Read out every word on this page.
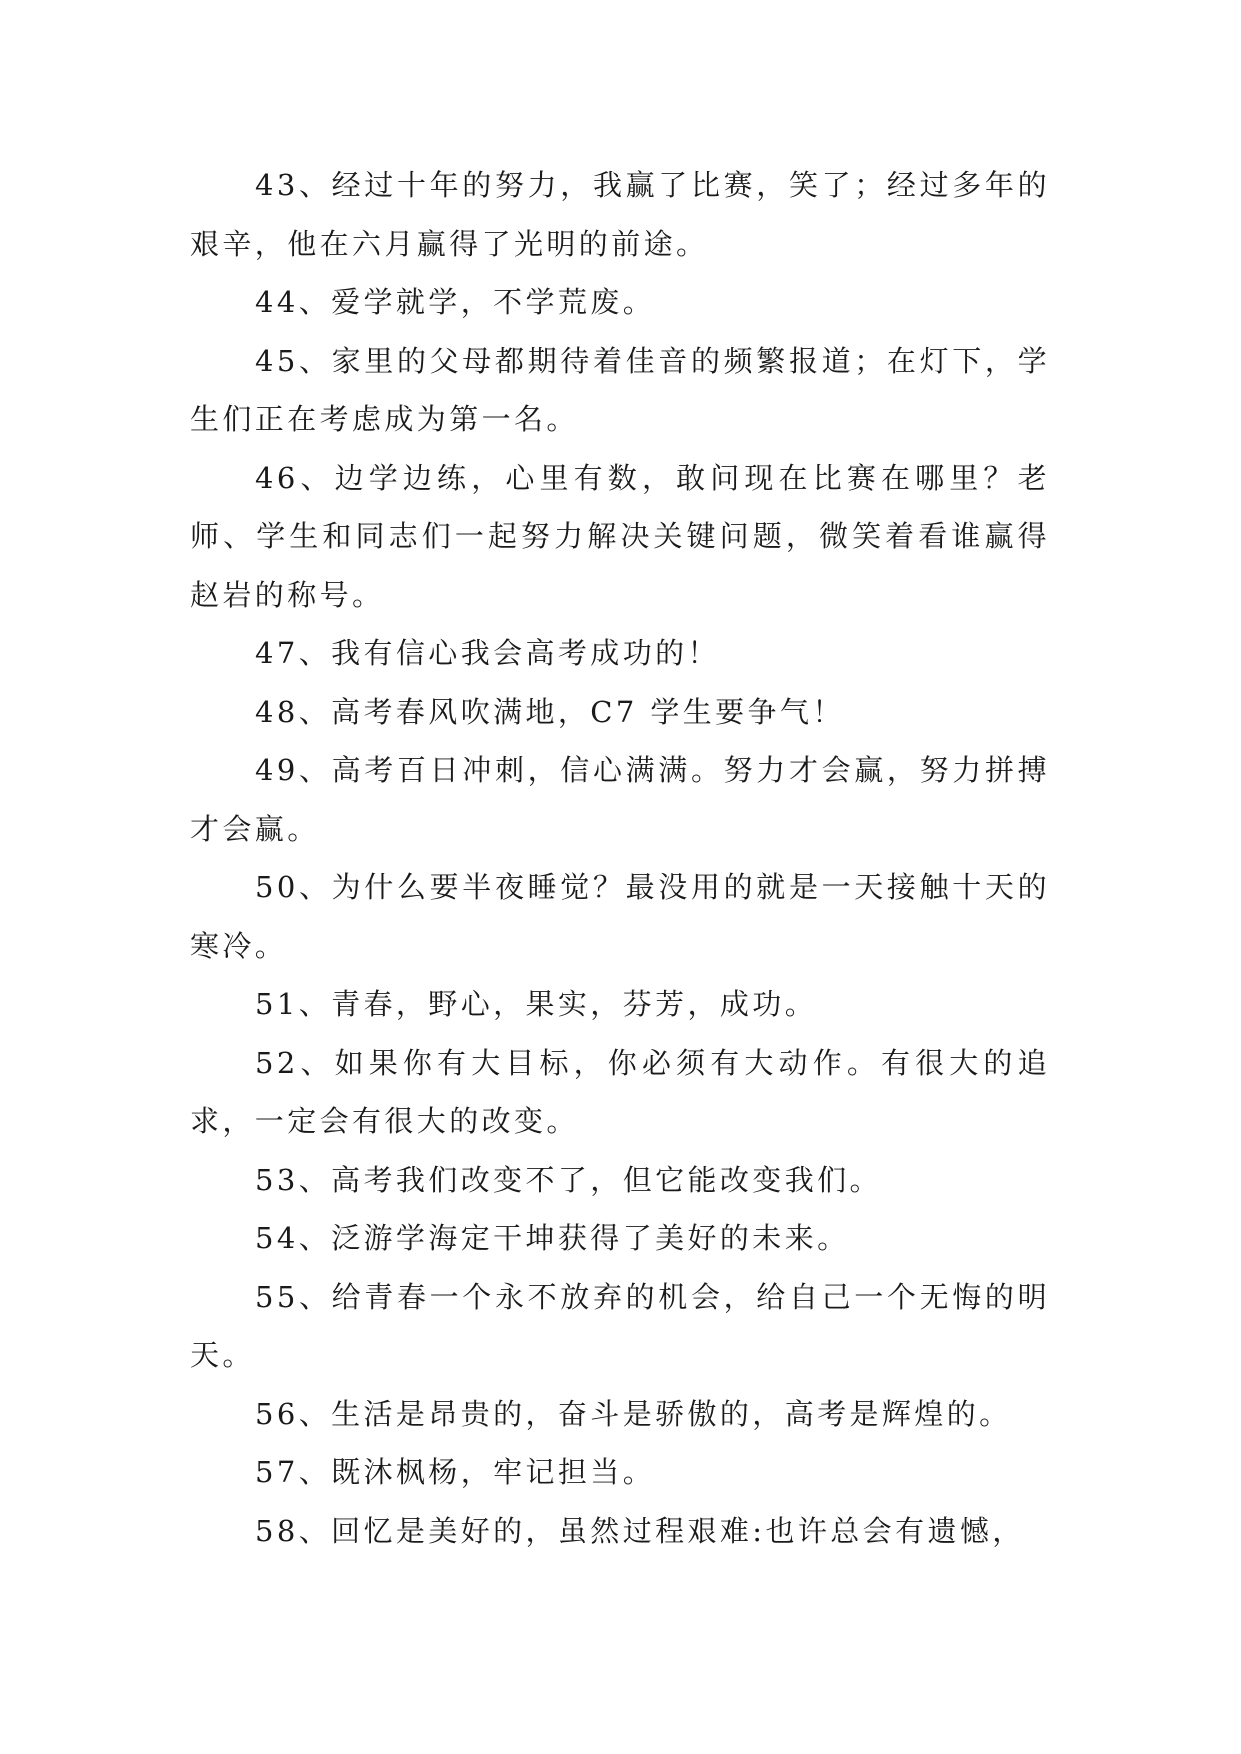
43、经过十年的努力，我赢了比赛，笑了；经过多年的艰辛，他在六月赢得了光明的前途。

44、爱学就学，不学荒废。

45、家里的父母都期待着佳音的频繁报道；在灯下，学生们正在考虑成为第一名。

46、边学边练，心里有数，敢问现在比赛在哪里？老师、学生和同志们一起努力解决关键问题，微笑着看谁赢得赵岩的称号。

47、我有信心我会高考成功的！

48、高考春风吹满地，C7 学生要争气！

49、高考百日冲刺，信心满满。努力才会赢，努力拼搏才会赢。

50、为什么要半夜睡觉？最没用的就是一天接触十天的寒冷。

51、青春，野心，果实，芬芳，成功。

52、如果你有大目标，你必须有大动作。有很大的追求，一定会有很大的改变。

53、高考我们改变不了，但它能改变我们。

54、泛游学海定干坤获得了美好的未来。

55、给青春一个永不放弃的机会，给自己一个无悔的明天。

56、生活是昂贵的，奋斗是骄傲的，高考是辉煌的。

57、既沐枫杨，牢记担当。

58、回忆是美好的，虽然过程艰难:也许总会有遗憾，
